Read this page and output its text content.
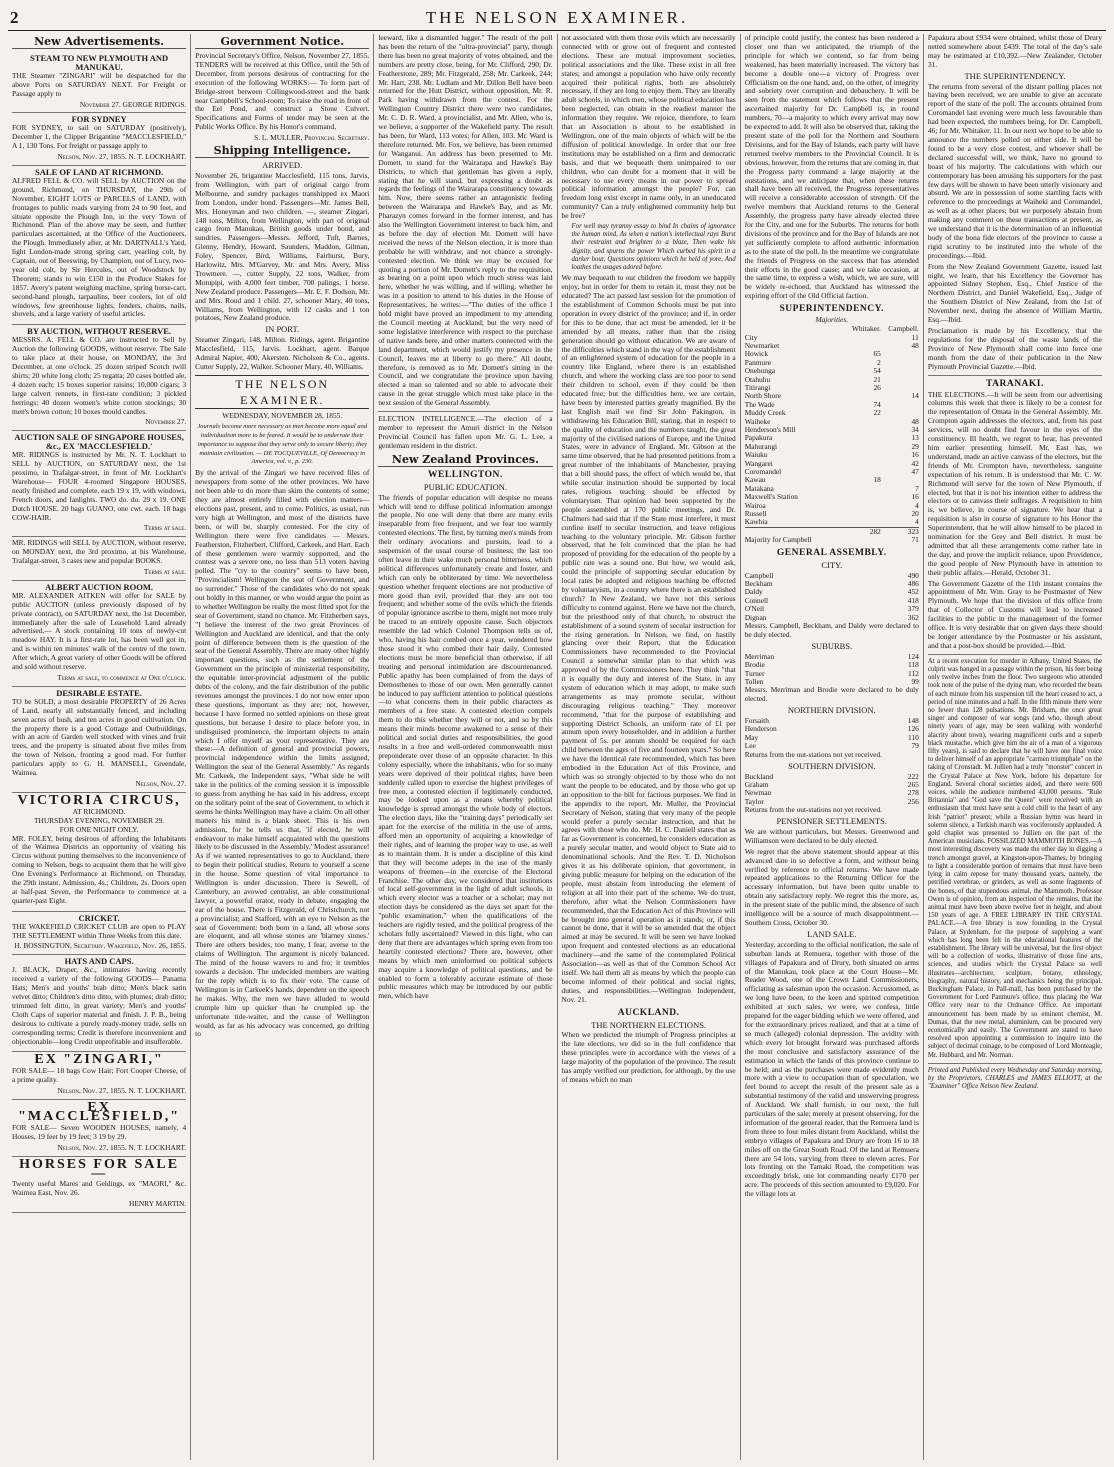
2	THE NELSON EXAMINER.
New Advertisements.
STEAM TO NEW PLYMOUTH AND MANUKAU.

THE Steamer "ZINGARI" will be despatched for the above Ports on SATURDAY NEXT. For Freight or Passage apply to

November 27. GEORGE RIDINGS.
FOR SYDNEY

FOR SYDNEY, to sail on SATURDAY (positively), December 1, the Clipper Brigantine "MACCLESFIELD," A 1, 130 Tons. For freight or passage apply to

Nelson, Nov. 27, 1855. N. T. LOCKHART.
SALE OF LAND AT RICHMOND.

ALFRED FELL & CO. will SELL by AUCTION on the ground, Richmond, on THURSDAY, the 29th of November, EIGHT LOTS or PARCELS of LAND, with frontages to public roads varying from 24 to 90 feet, and situate opposite the Plough Inn, in the very Town of Richmond. Plan of the above may be seen, and further particulars ascertained, at the Office of the Auctioneers, the Plough. Immediately after, at Mr. DARTNALL's Yard, light London-made strong spring cart, yearling colt, by Captain, out of Beeswing, by Champion, out of Lucy, two-year old colt, by Sir Hercules, out of Woodstock by Theorem; stands to win £150 in the Produce Stakes for 1857. Avery's patent weighing machine, spring horse-cart, second-hand plough, tarpaulins, beer coolers, lot of old windows, few greenhouse lights, fenders, chains, nails, shovels, and a large variety of useful articles.

BY AUCTION, WITHOUT RESERVE.

MESSRS. A. FELL & CO. are instructed to Sell by Auction the following GOODS, without reserve. The Sale to take place at their house, on MONDAY, the 3rd December, at one o'clock. 25 dozen striped Scotch twill shirts; 20 white long cloth; 25 regatta; 20 cases bottled ale, 4 dozen each; 15 boxes superior raisins; 10,000 cigars; 3 large calvert rennets, in first-rate condition; 3 pickled herrings; 40 dozen women's white cotton stockings; 30 men's brown cotton; 10 boxes mould candles.

November 27.
AUCTION SALE OF SINGAPORE HOUSES, &c., EX 'MACCLESFIELD.'

MR. RIDINGS is instructed by Mr. N. T. Lockhart to SELL by AUCTION, on SATURDAY next, the 1st proximo, in Trafalgar-street, in front of Mr. Lockhart's Warehouse— FOUR 4-roomed Singapore HOUSES, neatly finished and complete, each 19 x 19, with windows, French doors, and fanlights. TWO do. do. 29 x 19. ONE Dutch HOUSE. 20 bags GUANO, one cwt. each. 18 bags COW-HAIR.

Terms at sale.

MR. RIDINGS will SELL by AUCTION, without reserve, on MONDAY next, the 3rd proximo, at his Warehouse, Trafalgar-street, 3 cases new and popular BOOKS.

Terms at sale.
ALBERT AUCTION ROOM.

MR. ALEXANDER AITKEN will offer for SALE by public AUCTION (unless previously disposed of by private contract), on SATURDAY next, the 1st December, immediately after the sale of Leasehold Land already advertised,— A stock containing 10 tons of newly-cut meadow HAY. It is a first-rate lot, has been well got in, and is within ten minutes' walk of the centre of the town. After which, A great variety of other Goods will be offered and sold without reserve.

Terms at sale, to commence at One o'clock.
DESIRABLE ESTATE.

TO be SOLD, a most desirable PROPERTY of 26 Acres of Land, nearly all substantially fenced, and including seven acres of bush, and ten acres in good cultivation. On the property there is a good Cottage and Outbuildings, with an acre of Garden well stocked with vines and fruit trees, and the property is situated about five miles from the town of Nelson, fronting a good road. For further particulars apply to G. H. MANSELL, Greendale, Waimea.

Nelson, Nov. 27.
VICTORIA CIRCUS,
AT RICHMOND.
THURSDAY EVENING, NOVEMBER 29.
FOR ONE NIGHT ONLY.

MR. FOLEY, being desirous of affording the Inhabitants of the Waimea Districts an opportunity of visiting his Circus without putting themselves to the inconvenience of coming to Nelson, begs to acquaint them that he will give One Evening's Performance at Richmond, on Thursday, the 29th instant. Admission, 4s.; Children, 2s. Doors open at half-past Seven, the Performance to commence at a quarter-past Eight.

CRICKET.

THE WAKEFIELD CRICKET CLUB are open to PLAY THE SETTLEMENT within Three Weeks from this date.

H. BOSSINGTON, Secretary. Wakefield, Nov. 26, 1855.
HATS AND CAPS.

J. BLACK, Draper, &c., intimates having recently received a variety of the following GOODS— Panama Hats; Men's and youths' brab ditto; Men's black satin velvet ditto; Children's ditto ditto, with plumes; drab ditto; trimmed felt ditto, in great variety; Men's and youths' Cloth Caps of superior material and finish. J. P. B., being desirous to cultivate a purely ready-money trade, sells on corresponding terms; Credit is therefore inconvenient and objectionable—long Credit unprofitable and insufferable.

EX "ZINGARI,"

FOR SALE— 18 bags Cow Hair; Fort Cooper Cheese, of a prime quality.

Nelson, Nov. 27, 1855. N. T. LOCKHART.
EX "MACCLESFIELD,"

FOR SALE— Seven WOODEN HOUSES, namely, 4 Houses, 19 feet by 19 feet; 3 19 by 29.

Nelson, Nov. 27, 1855. N. T. LOCKHART.
HORSES FOR SALE—

Twenty useful Mares and Geldings, ex "MAORI," &c. Waimea East, Nov. 26.

HENRY MARTIN.
Government Notice.
Provincial Secretary's Office, Nelson, November 27, 1855.

TENDERS will be received at this Office, until the 5th of December, from persons desirous of contracting for the execution of the following WORKS:— To form part of Bridge-street between Collingwood-street and the bank near Campbell's School-room; To raise the road in front of the Eel Pond, and construct a Stone Culvert. Specifications and Forms of tender may be seen at the Public Works Office. By his Honor's command,

S. L. MULLER, Provincial Secretary.
Shipping Intelligence.
ARRIVED.

November 26, brigantine Macclesfield, 115 tons, Jarvis, from Wellington, with part of original cargo from Melbourne, and sundry packages transhipped ex Maori from London, under bond. Passengers—Mr. James Bell, Mrs. Honeyman and two children. —, steamer Zingari, 148 tons, Milton, from Wellington, with part of original cargo from Manukau, British goods under bond, and sundries. Passengers—Messrs. Jefford, Tuft, Barnes, Glenny, Hendry, Howard, Saunders, Maddon, Gilman, Foley, Spencer, Bird, Williams, Fairhurst, Bury, Harlowitz, Mrs. M'Garvey, Mr. and Mrs. Avery, Miss Trowmere. —, cutter Supply, 22 tons, Walker, from Motupipi, with 4,000 feet timber, 700 palings, 1 horse. New Zealand produce. Passengers—Mr. E. F. Dodson, Mr. and Mrs. Roud and 1 child. 27, schooner Mary, 40 tons, Williams, from Wellington, with 12 casks and 1 ton potatoes, New Zealand produce.

IN PORT.

Steamer Zingari, 148, Milton. Ridings, agent. Brigantine Macclesfield, 115, Jarvis. Lockhart, agent. Barque Admiral Napier, 400, Akersten. Nicholson & Co., agents. Cutter Supply, 22, Walker. Schooner Mary, 40, Williams.

THE NELSON EXAMINER.
WEDNESDAY, NOVEMBER 28, 1855.
Journals become more necessary as men become more equal and individualism more to be feared. It would be to underrate their importance to suppose that they serve only to secure liberty; they maintain civilization. — DE TOCQUEVILLE, Of Democracy in America, vol. v., p. 230.

By the arrival of the Zingari we have received files of newspapers from some of the other provinces. We have not been able to do more than skim the contents of some; they are almost entirely filled with election matters—elections past, present, and to come. Politics, as usual, run very high at Wellington, and most of the districts have been, or will be, sharply contested. For the city of Wellington there were five candidates — Messrs. Featherston, Fitzherbert, Clifford, Carkeek, and Hart. Each of these gentlemen were warmly supported, and the contest was a severe one, no less than 513 voters having polled. The "cry to the country" seems to have been, "Provincialism! Wellington the seat of Government, and no surrender." Those of the candidates who do not speak out boldly in this manner, or who would argue the point as to whether Wellington be really the most fitted spot for the seat of Government, stand no chance. Mr. Fitzherbert says, "I believe the interest of the two great Provinces of Wellington and Auckland are identical, and that the only point of difference between them is the question of the seat of the General Assembly. There are many other highly important questions, such as the settlement of the Government on the principle of ministerial responsibility, the equitable inter-provincial adjustment of the public debts of the colony, and the fair distribution of the public revenues amongst the provinces. I do not now enter upon these questions, important as they are; not, however, because I have formed no settled opinions on these great questions, but because I desire to place before you, in undisguised prominence, the important objects to attain which I offer myself as your representative. They are these:—A definition of general and provincial powers, provincial independence within the limits assigned, Wellington the seat of the General Assembly." As regards Mr. Carkeek, the Independent says, "What side he will take in the politics of the coming session it is impossible to guess from anything he has said in his address, except on the solitary point of the seat of Government, to which it seems he thinks Wellington may have a claim. On all other matters his mind is a blank sheet. This is his own admission, for he tells us that, 'if elected, he will endeavour to make himself acquainted with the questions likely to be discussed in the Assembly.' Modest assurance! As if we wanted representatives to go to Auckland, there to begin their political studies. Return to yourself a scene in the house. Some question of vital importance to Wellington is under discussion. There is Sewell, of Canterbury, an avowed centralist, an able constitutional lawyer, a powerful orator, ready in debate, engaging the ear of the house. There is Fitzgerald, of Christchurch, not a provincialist; and Stafford, with an eye to Nelson as the seat of Government: both born in a land, all whose sons are eloquent, and all whose stones are 'blarney stones.' There are others besides, too many, I fear, averse to the claims of Wellington. The argument is nicely balanced. The mind of the house wavers to and fro; it trembles towards a decision. The undecided members are waiting for the reply which is to fix their vote. The cause of Wellington is in Carkeek's hands, dependent on the speech he makes. Why, the men we have alluded to would crumple him up quicker than he crumpled up the unfortunate tide-waiter, and the cause of Wellington would, as far as his advocacy was concerned, go drifting to

leeward, like a dismantled lugger." The result of the poll has been the return of the "ultra-provincial" party, though there has been no great majority of votes obtained, and the numbers are pretty close, being, for Mr. Clifford, 290; Dr. Featherstone, 289; Mr. Fitzgerald, 258; Mr. Carkeek, 244; Mr. Hart, 238. Mr. Ludlam and Mr. Dillon Bell have been returned for the Hutt District, without opposition, Mr. R. Park having withdrawn from the contest. For the Wellington Country District there were two candidates, Mr. C. D. R. Ward, a provincialist, and Mr. Allen, who is, we believe, a supporter of the Wakefield party. The result has been, for Ward, 113 votes; for Allen, 103. Mr. Ward is therefore returned. Mr. Fox, we believe, has been returned for Wanganui. An address has been presented to Mr. Domett, to stand for the Wairarapa and Hawke's Bay Districts, to which that gentleman has given a reply, stating that he will stand, but expressing a doubt as regards the feelings of the Wairarapa constituency towards him. Now, there seems rather an antagonistic feeling between the Wairarapa and Hawke's Bay, and as Mr. Pharazyn comes forward in the former interest, and has also the Wellington Government interest to back him, and as before the day of election Mr. Domett will have received the news of the Nelson election, it is more than probable he will withdraw, and not chance a strongly-contested election. We think we may be excused for quoting a portion of Mr. Domett's reply to the requisition, as bearing on a point upon which much stress was laid here, whether he was willing, and if willing, whether he was in a position to attend to his duties in the House of Representatives, he writes:—"The duties of the office I hold might have proved an impediment to my attending the Council meeting at Auckland; but the very need of some legislative interference with respect to the purchase of native lands here, and other matters connected with the land department, which would justify my presence in the Council, leaves me at liberty to go there." All doubt, therefore, is removed as to Mr. Domett's sitting in the Council, and we congratulate the province upon having elected a man so talented and so able to advocate their cause in the great struggle which must take place in the next session of the General Assembly.

ELECTION INTELLIGENCE.—The election of a member to represent the Amuri district in the Nelson Provincial Council has fallen upon Mr. G. L. Lee, a gentleman resident in the district.

New Zealand Provinces.
WELLINGTON.
PUBLIC EDUCATION.

The friends of popular education will despise no means which will tend to diffuse political information amongst the people. No one will deny that there are many evils inseparable from free frequent, and we fear too warmly contested elections. The first, by turning men's minds from their ordinary avocations and pursuits, lead to a suspension of the usual course of business; the last too often leave in their wake much personal bitterness, which political differences unfortunately create and foster, and which can only be obliterated by time. We nevertheless question whether frequent elections are not productive of more good than evil, provided that they are not too frequent; and whether some of the evils which the friends of popular ignorance ascribe to them, might not more truly be traced to an entirely opposite cause. Such objectors resemble the lad which Colonel Thompson tells us of, who, having his hair combed once a year, wondered how those stood it who combed their hair daily. Contested elections must be more beneficial than otherwise, if all treating and personal intimidation are discountenanced. Public apathy has been complained of from the days of Demosthenes to those of our own. Men generally cannot be induced to pay sufficient attention to political questions—to what concerns them in their public characters as members of a free state. A contested election compels them to do this whether they will or not, and so by this means their minds become awakened to a sense of their political and social duties and responsibilities, the good results in a free and well-ordered commonwealth must preponderate over those of an opposite character. In this colony especially, where the inhabitants, who for so many years were deprived of their political rights, have been suddenly called upon to exercise the highest privileges of free men, a contested election if legitimately conducted, may be looked upon as a means whereby political knowledge is spread amongst the whole body of electors. The election days, like the "training days" periodically set apart for the exercise of the militia in the use of arms, afford men an opportunity of acquiring a knowledge of their rights, and of learning the proper way to use, as well as to maintain them. It is under a discipline of this kind that they will become adepts in the use of the manly weapons of freemen—in the exercise of the Electoral Franchise. The other day, we considered that institutions of local self-government in the light of adult schools, in which every elector was a teacher or a scholar; may not election days be considered as the days set apart for the "public examination," when the qualifications of the teachers are rigidly tested, and the political progress of the scholars fully ascertained? Viewed in this light, who can deny that there are advantages which spring even from too heartily contested elections? There are, however, other means by which men uninformed on political subjects may acquire a knowledge of political questions, and be enabled to form a tolerably accurate estimate of those public measures which may be introduced by our public men, which have

not associated with them those evils which are necessarily connected with or grow out of frequent and contested elections. These are mutual improvement societies, political associations and the like. These exist in all free states; and amongst a population who have only recently acquired their political rights, both are absolutely necessary, if they are long to enjoy them. They are literally adult schools, in which men, whose political education has been neglected, can obtain in the readiest manner the information they require. We rejoice, therefore, to learn that an Association is about to be established in Wellington, one of the main objects of which will be the diffusion of political knowledge. In order that our free institutions may be established on a firm and democratic basis, and that we bequeath them unimpaired to our children, who can doubt for a moment that it will be necessary to use every means in our power to spread political information amongst the people? For, can freedom long exist except in name only, in an uneducated community? Can a truly enlightened community help but be free?

For well may tyranny essay to bind In chains of ignorance the human mind, As when a nation's intellectual rays Burst their restraint and brighten to a blaze, Then wake his dignity, and spurns the power Which curbed his spirit in a darker hour, Questions opinions which he held of yore, And loathes the usages adored before.

We may bequeath to our children the freedom we happily enjoy, but in order for them to retain it, must they not be educated? The act passed last session for the promotion of the establishment of Common Schools must be put into operation in every district of the province; and if, in order for this to be done, that act must be amended, let it be amended by all means, rather than that the rising generation should go without education. We are aware of the difficulties which stand in the way of the establishment of an enlightened system of education for the people in a country like England, where there is an established church, and where the working class are too poor to send their children to school, even if they could be then educated free; but the difficulties here, we are certain, have been by interested parties greatly magnified. By the last English mail we find Sir John Pakington, in withdrawing his Education Bill, stating, that in respect to the quality of education and the numbers taught, the great majority of the civilised nations of Europe, and the United States, were in advance of England. Mr. Gibson at the same time observed, that he had presented petitions from a great number of the inhabitants of Manchester, praying that a bill should pass, the effect of which would be, that while secular instruction should be supported by local rates, religious teaching should be effected by voluntaryism. That opinion had been supported by the people assembled at 170 public meetings, and Dr. Chalmers had said that if the State must interfere, it must confine itself to secular instruction, and leave religious teaching to the voluntary principle. Mr. Gibson further observed, that he felt convinced that the plan he had proposed of providing for the education of the people by a public rate was a sound one. But how, we would ask, could the principle of supporting secular education by local rates be adopted and religious teaching be effected by voluntaryism, in a country where there is an established church? In New Zealand, we have not this serious difficulty to contend against. Here we have not the church, but the priesthood only of that church, to obstruct the establishment of a sound system of secular instruction for the rising generation. In Nelson, we find, on hastily glancing over their Report, that the Education Commissioners have recommended to the Provincial Council a somewhat similar plan to that which was approved of by the Commissioners here. They think "that it is equally the duty and interest of the State, in any system of education which it may adopt, to make such arrangements as may promote secular, without discouraging religious teaching." They moreover recommend, "that for the purpose of establishing and supporting District Schools, an uniform rate of £1 per annum upon every householder, and in addition a further payment of 5s. per annum should be required for each child between the ages of five and fourteen years." So here we have the identical rate recommended, which has been embodied in the Education Act of this Province, and which was so strongly objected to by those who do not want the people to be educated, and by those who got up an opposition to the bill for factious purposes. We find in the appendix to the report, Mr. Muller, the Provincial Secretary of Nelson, stating that very many of the people would prefer a purely secular instruction, and that he agrees with those who do. Mr. H. C. Daniell states that as far as Government is concerned, he considers education as a purely secular matter, and would object to State aid to denominational schools. And the Rev. T. D. Nicholson gives it as his deliberate opinion, that government, in giving public measure for helping on the education of the people, must abstain from introducing the element of religion at all into their part of the scheme. We do trust, therefore, after what the Nelson Commissioners have recommended, that the Education Act of this Province will be brought into general operation as it stands; or, if this cannot be done, that it will be so amended that the object aimed at may be secured. It will be seen we have looked upon frequent and contested elections as an educational machinery—and the same of the contemplated Political Association—as well as that of the Common School Act itself. We hail them all as means by which the people can become informed of their political and social rights, duties, and responsibilities.—Wellington Independent, Nov. 21.

AUCKLAND.
THE NORTHERN ELECTIONS.

When we predicted the triumph of Progress principles at the late elections, we did so in the full confidence that these principles were in accordance with the views of a large majority of the population of the province. The result has amply verified our prediction, for although, by the use of means which no man

of principle could justify, the contest has been rendered a closer one than we anticipated, the triumph of the principle for which we contend, so far from being weakened, has been materially increased. The victory has become a double one—a victory of Progress over Officialism on the one hand, and, on the other, of integrity and sobriety over corruption and debauchery. It will be seen from the statement which follows that the present ascertained majority for Dr. Campbell is, in round numbers, 70—a majority to which every arrival may now be expected to add. It will also be observed that, taking the present state of the poll for the Northern and Southern Divisions, and for the Bay of Islands, each party will have returned twelve members to the Provincial Council. It is obvious, however, from the returns that are coming in, that the Progress party command a large majority at the outstations, and we anticipate that, when these returns shall have been all received, the Progress representatives will receive a considerable accession of strength. Of the twelve members that Auckland returns to the General Assembly, the progress party have already elected three for the City, and one for the Suburbs. The returns for both divisions of the province and for the Bay of Islands are not yet sufficiently complete to afford authentic information as to the state of the poll. In the meantime we congratulate the friends of Progress on the success that has attended their efforts in the good cause; and we take occasion, at the same time, to express a wish, which, we are sure, will be widely re-echoed, that Auckland has witnessed the expiring effort of the Old Official faction.

SUPERINTENDENCY.
Majorities.
	Whitaker.	Campbell.
City		11
Newmarket		48
Howick	65	
Panmure	2	
Onehunga	54	
Otahuhu	21	
Titirangi	26	
North Shore		14
The Wade	74	
Muddy Creek	22	
Waiheke		48
Henderson's Mill		34
Papakura		13
Mahurangi		29
Waiuku		16
Wangarei		42
Coromandel		47
Kawau	18	
Matakana		7
Maxwell's Station		16
Wairoa		4
Russell		20
Kawhia		4
	282	323
Majority for Campbell		71
GENERAL ASSEMBLY.
CITY.
Campbell	490
Beckham	486
Daldy	452
Connell	418
O'Neil	379
Dignan	362

Messrs. Campbell, Beckham, and Daldy were declared to be duly elected.

SUBURBS.
Merriman	124
Brodie	118
Turner	112
Tollen	99

Messrs. Merriman and Brodie were declared to be duly elected.

NORTHERN DIVISION.
Forsaith	148
Henderson	126
May	110
Lee	79

Returns from the out-stations not yet received.

SOUTHERN DIVISION.
Buckland	222
Graham	265
Newman	278
Taylor	256

Returns from the out-stations not yet received.

PENSIONER SETTLEMENTS.

We are without particulars, but Messrs. Greenwood and Williamson were declared to be duly elected.

We regret that the above statement should appear at this advanced date in so defective a form, and without being verified by reference to official returns. We have made repeated applications to the Returning Officer for the accessary information, but have been quite unable to obtain any satisfactory reply. We regret this the more, as, in the present state of the public mind, the absence of such intelligence will be a source of much disappointment.—Southern Cross, October 30.

LAND SALE.

Yesterday, according to the official notification, the sale of suburban lands at Remuera, together with those of the villages of Papakura and of Drury, both situated on arms of the Manukau, took place at the Court House—Mr. Reader Wood, one of the Crown Land Commissioners, officiating as salesman upon the occasion. Accustomed, as we long have been, to the keen and spirited competition exhibited at such sales, we were, we confess, little prepared for the eager bidding which we were offered, and for the extraordinary prices realized, and that at a time of so much (alleged) colonial depression. The avidity with which every lot brought forward was purchased affords the most conclusive and satisfactory assurance of the estimation in which the lands of this province continue to be held; and as the purchases were made evidently much more with a view to occupation than of speculation, we feel bound to accept the result of the present sale as a substantial testimony of the valid and unswerving progress of Auckland. We shall furnish, in our next, the full particulars of the sale; merely at present observing, for the information of the general reader, that the Remuera land is from three to four miles distant from Auckland, whilst the embryo villages of Papakura and Drury are from 16 to 18 miles off on the Great South Road. Of the land at Remuera there are 54 lots, varying from three to eleven acres. For lots fronting on the Tamaki Road, the competition was exceedingly brisk, one lot commanding nearly £170 per acre. The proceeds of this section amounted to £9,020. For the village lots at

Papakura about £934 were obtained, whilst those of Drury netted somewhere about £439. The total of the day's sale may be estimated at £10,392.—New Zealander, October 31.

THE SUPERINTENDENCY.

The returns from several of the distant polling places not having been received, we are unable to give an accurate report of the state of the poll. The accounts obtained from Coromandel last evening were much less favourable than had been expected, the numbers being, for Dr. Campbell, 46; for Mr. Whitaker, 11. In our next we hope to be able to announce the numbers polled on either side. It will be found to be a very close contest, and whoever shall be declared successful will, we think, have no ground to boast of his majority. The calculations with which our contemporary has been amusing his supporters for the past few days will be shown to have been utterly visionary and absurd. We are in possession of some startling facts with reference to the proceedings at Waiheki and Coromandel, as well as at other places; but we purposely abstain from making any comment on these transactions at present, as we understand that it is the determination of an influential body of the bona fide electors of the province to cause a rigid scrutiny to be instituted into the whole of the proceedings.—Ibid.

From the New Zealand Government Gazette, issued last night, we learn, that his Excellency the Governor has appointed Sidney Stephen, Esq., Chief Justice of the Northern District, and Daniel Wakefield, Esq., Judge of the Southern District of New Zealand, from the 1st of November next, during the absence of William Martin, Esq.—Ibid.

Proclamation is made by his Excellency, that the regulations for the disposal of the waste lands of the Province of New Plymouth shall come into force one month from the date of their publication in the New Plymouth Provincial Gazette.—Ibid.

TARANAKI.

THE ELECTIONS.—It will be seen from our advertising columns this week that there is likely to be a contest for the representation of Omata in the General Assembly. Mr. Crompton again addresses the electors, and, from his past services, will no doubt find favour in the eyes of the constituency. Ill health, we regret to hear, has prevented him earlier presenting himself. Mr. East has, we understand, made an active canvass of the electors, but the friends of Mr. Crompton have, nevertheless, sanguine expectation of his return. It is understood that Mr. C. W. Richmond will serve for the town of New Plymouth, if elected, but that it is not his intention either to address the electors or to canvass their suffrages. A requisition to him is, we believe, in course of signature. We hear that a requisition is also in course of signature to his Honor the Superintendent, that he will allow himself to be placed in nomination for the Grey and Bell district. It must be admitted that all these arrangements come rather late in the day, and prove the implicit reliance, upon Providence, the good people of New Plymouth have in attention to their public affairs.—Herald, October 31.

The Government Gazette of the 11th instant contains the appointment of Mr. Wm. Gray to be Postmaster of New Plymouth. We hope that the division of this office from that of Collector of Customs will lead to increased facilities to the public in the management of the former office. It is very desirable that on given days there should be longer attendance by the Postmaster or his assistant, and that a post-box should be provided.—Ibid.

At a recent execution for murder in Albany, United States, the culprit was hanged in a passage within the prison, his feet being only twelve inches from the floor. Two surgeons who attended took note of the pulse of the dying man, who recorded the beats of each minute from his suspension till the heart ceased to act, a period of nine minutes and a half. In the fifth minute there were no fewer than 128 pulsations. Mr. Brisham, the once great singer and composer of war songs (and who, though about ninety years of age, may be seen walking with wonderful alacrity about town), wearing magnificent curls and a superb black mustache, which give him the air of a man of a vigorous fifty years), is said to declare that he will have one final voice to deliver himself of an appropriate "carmen triumphale" on the taking of Cronstadt. M. Jullien had a truly "monster" concert in the Crystal Palace at New York, before his departure for England. Several choral societies aided, and there were 600 voices, while the audience numbered 43,000 persons. "Rule Britannia" and "God save the Queen" were received with an enthusiasm that must have sent a cold chill to the heart of any Irish "patriot" present; while a Russian hymn was heard in solemn silence, a Turkish march was vociferously applauded. A gold chaplet was presented to Jullien on the part of the American musicians. FOSSILIZED MAMMOTH BONES.—A most interesting discovery was made the other day in digging a trench amongst gravel, at Kingston-upon-Thames, by bringing to light a considerable portion of remains that must have been lying in calm repose for many thousand years, namely, the petrified vertebrae, or grinders, as well as some fragments of the bones, of that stupendous animal, the Mammoth. Professor Owen is of opinion, from an inspection of the remains, that the animal must have been above twelve feet in height, and about 150 years of age. A FREE LIBRARY IN THE CRYSTAL PALACE.—A free library is now founding in the Crystal Palace, at Sydenham, for the purpose of supplying a want which has long been felt in the educational features of the establishment. The library will be universal, but the first object will be a collection of works, illustrative of those fine arts, sciences, and studies which the Crystal Palace so well illustrates—architecture, sculpture, botany, ethnology, biography, natural history, and mechanics being the principal. Buckingham Palace, in Pall-mall, has been purchased by the Government for Lord Panmure's office, thus placing the War Office very near to the Ordnance Office. An important announcement has been made by so eminent chemist, M. Dumas, that the new metal, aluminium, can be procured very economically and easily. The Government are stated to have resolved upon appointing a commission to inquire into the subject of decimal coinage, to be composed of Lord Monteagle, Mr. Hubbard, and Mr. Norman.

Printed and Published every Wednesday and Saturday morning, by the Proprietors, CHARLES and JAMES ELLIOTT, at the "Examiner" Office Nelson New Zealand.
